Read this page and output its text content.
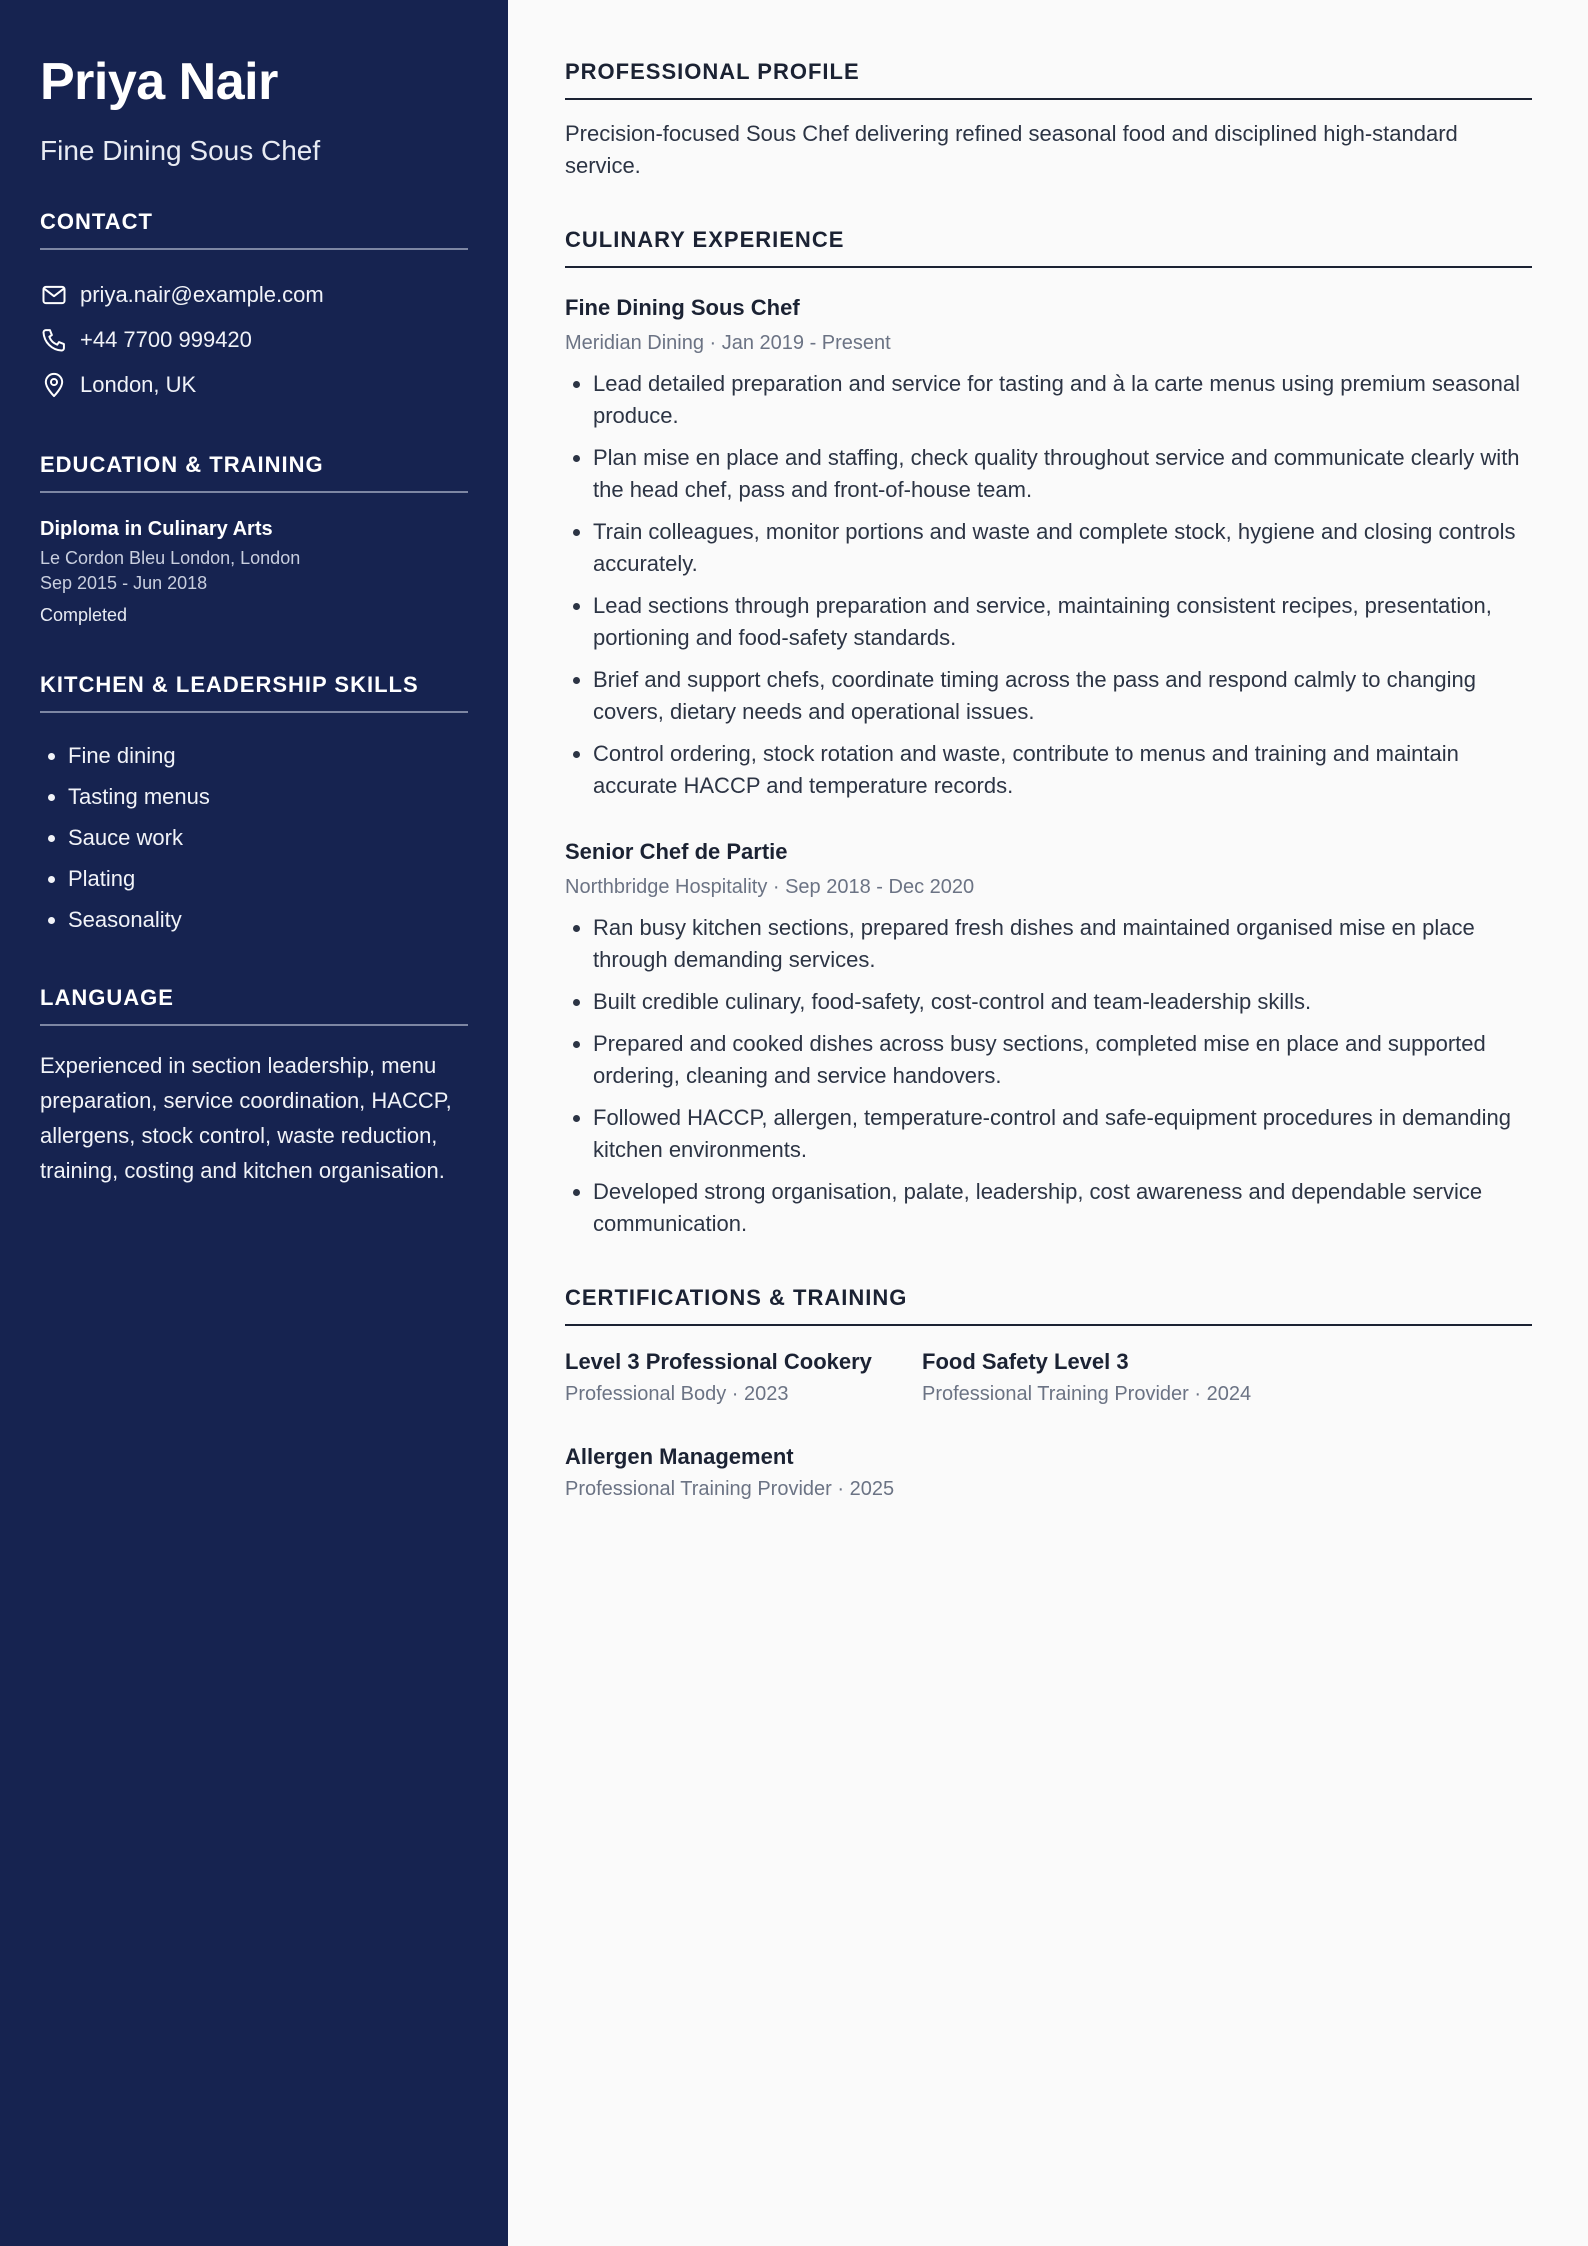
Priya Nair

Fine Dining Sous Chef

CONTACT
priya.nair@example.com
+44 7700 999420
London, UK
EDUCATION & TRAINING

Diploma in Culinary Arts

Le Cordon Bleu London, London

Sep 2015 - Jun 2018

Completed

KITCHEN & LEADERSHIP SKILLS
• Fine dining
• Tasting menus
• Sauce work
• Plating
• Seasonality
LANGUAGE

Experienced in section leadership, menu preparation, service coordination, HACCP, allergens, stock control, waste reduction, training, costing and kitchen organisation.

PROFESSIONAL PROFILE

Precision-focused Sous Chef delivering refined seasonal food and disciplined high-standard service.

CULINARY EXPERIENCE

Fine Dining Sous Chef

Meridian Dining · Jan 2019 - Present

• Lead detailed preparation and service for tasting and à la carte menus using premium seasonal produce.
• Plan mise en place and staffing, check quality throughout service and communicate clearly with the head chef, pass and front-of-house team.
• Train colleagues, monitor portions and waste and complete stock, hygiene and closing controls accurately.
• Lead sections through preparation and service, maintaining consistent recipes, presentation, portioning and food-safety standards.
• Brief and support chefs, coordinate timing across the pass and respond calmly to changing covers, dietary needs and operational issues.
• Control ordering, stock rotation and waste, contribute to menus and training and maintain accurate HACCP and temperature records.

Senior Chef de Partie

Northbridge Hospitality · Sep 2018 - Dec 2020

• Ran busy kitchen sections, prepared fresh dishes and maintained organised mise en place through demanding services.
• Built credible culinary, food-safety, cost-control and team-leadership skills.
• Prepared and cooked dishes across busy sections, completed mise en place and supported ordering, cleaning and service handovers.
• Followed HACCP, allergen, temperature-control and safe-equipment procedures in demanding kitchen environments.
• Developed strong organisation, palate, leadership, cost awareness and dependable service communication.
CERTIFICATIONS & TRAINING

Level 3 Professional Cookery

Professional Body · 2023

Food Safety Level 3

Professional Training Provider · 2024

Allergen Management

Professional Training Provider · 2025
